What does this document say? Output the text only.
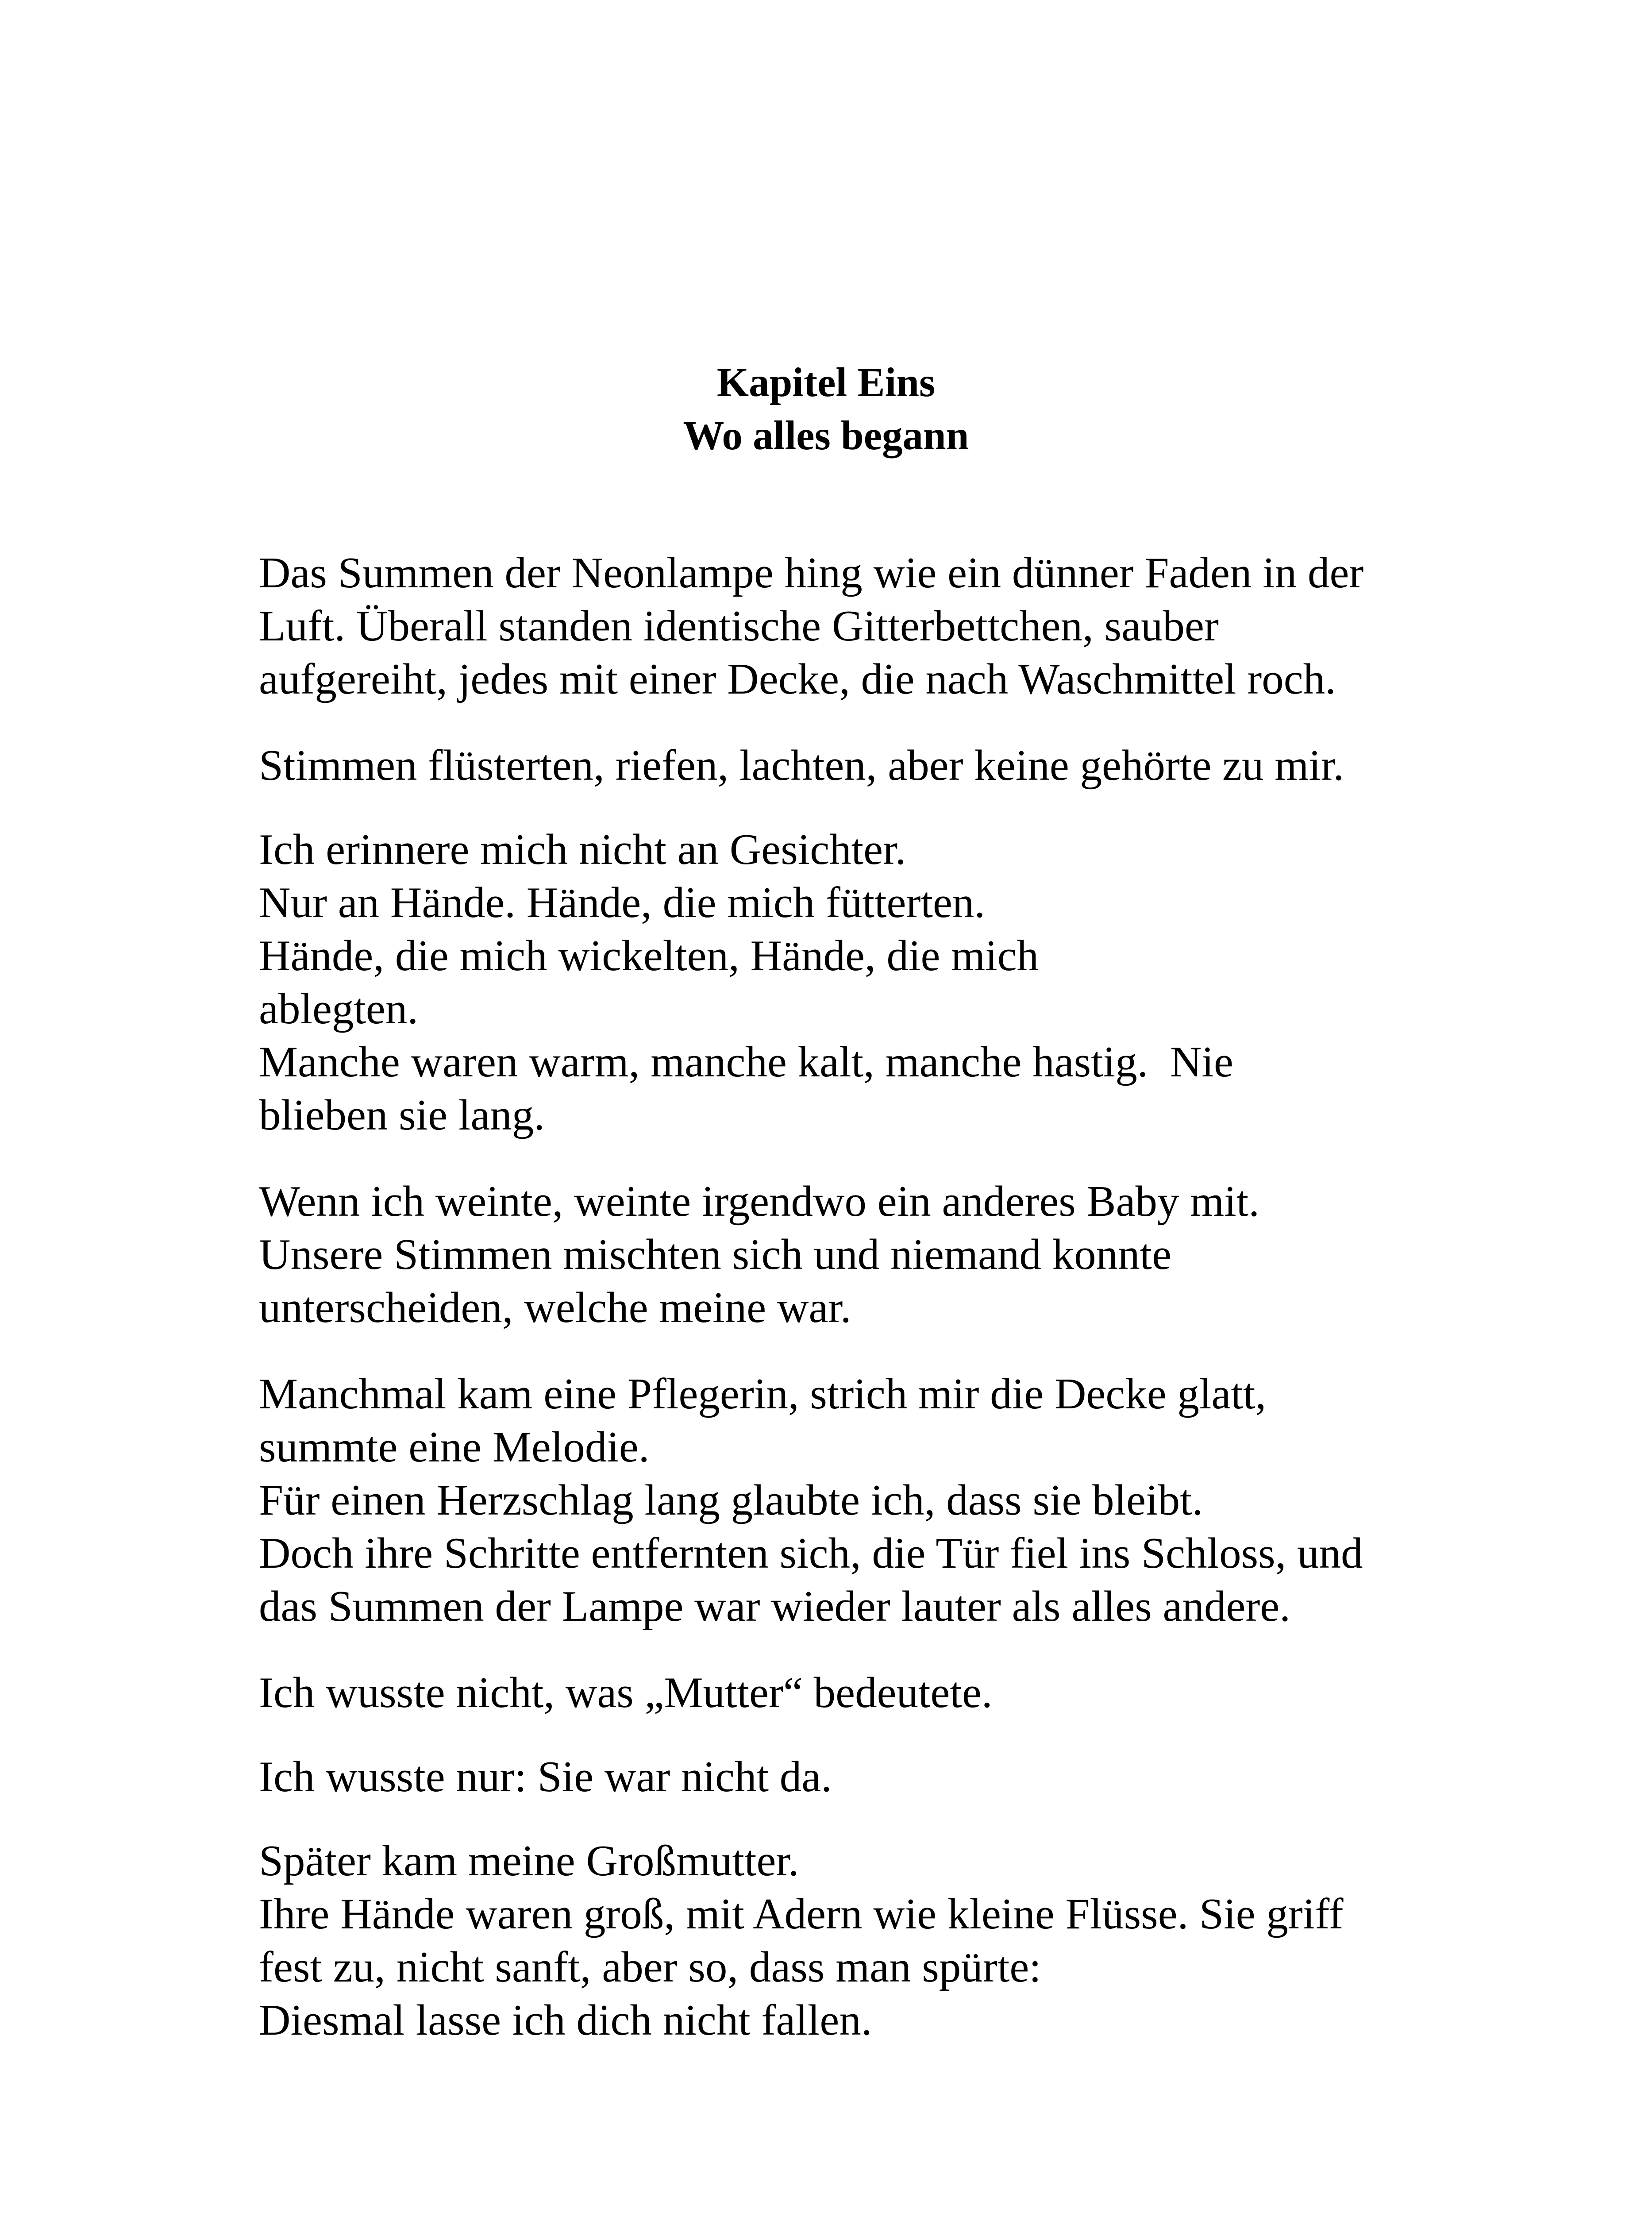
Kapitel Eins
Wo alles begann

Das Summen der Neonlampe hing wie ein dünner Faden in der

Luft. Überall standen identische Gitterbettchen, sauber

aufgereiht, jedes mit einer Decke, die nach Waschmittel roch.

Stimmen flüsterten, riefen, lachten, aber keine gehörte zu mir.

Ich erinnere mich nicht an Gesichter.

Nur an Hände. Hände, die mich fütterten.

Hände, die mich wickelten, Hände, die mich

ablegten.

Manche waren warm, manche kalt, manche hastig.  Nie

blieben sie lang.

Wenn ich weinte, weinte irgendwo ein anderes Baby mit.

Unsere Stimmen mischten sich und niemand konnte

unterscheiden, welche meine war.

Manchmal kam eine Pflegerin, strich mir die Decke glatt,

summte eine Melodie.

Für einen Herzschlag lang glaubte ich, dass sie bleibt.

Doch ihre Schritte entfernten sich, die Tür fiel ins Schloss, und

das Summen der Lampe war wieder lauter als alles andere.

Ich wusste nicht, was „Mutter“ bedeutete.

Ich wusste nur: Sie war nicht da.

Später kam meine Großmutter.

Ihre Hände waren groß, mit Adern wie kleine Flüsse. Sie griff

fest zu, nicht sanft, aber so, dass man spürte:

Diesmal lasse ich dich nicht fallen.
